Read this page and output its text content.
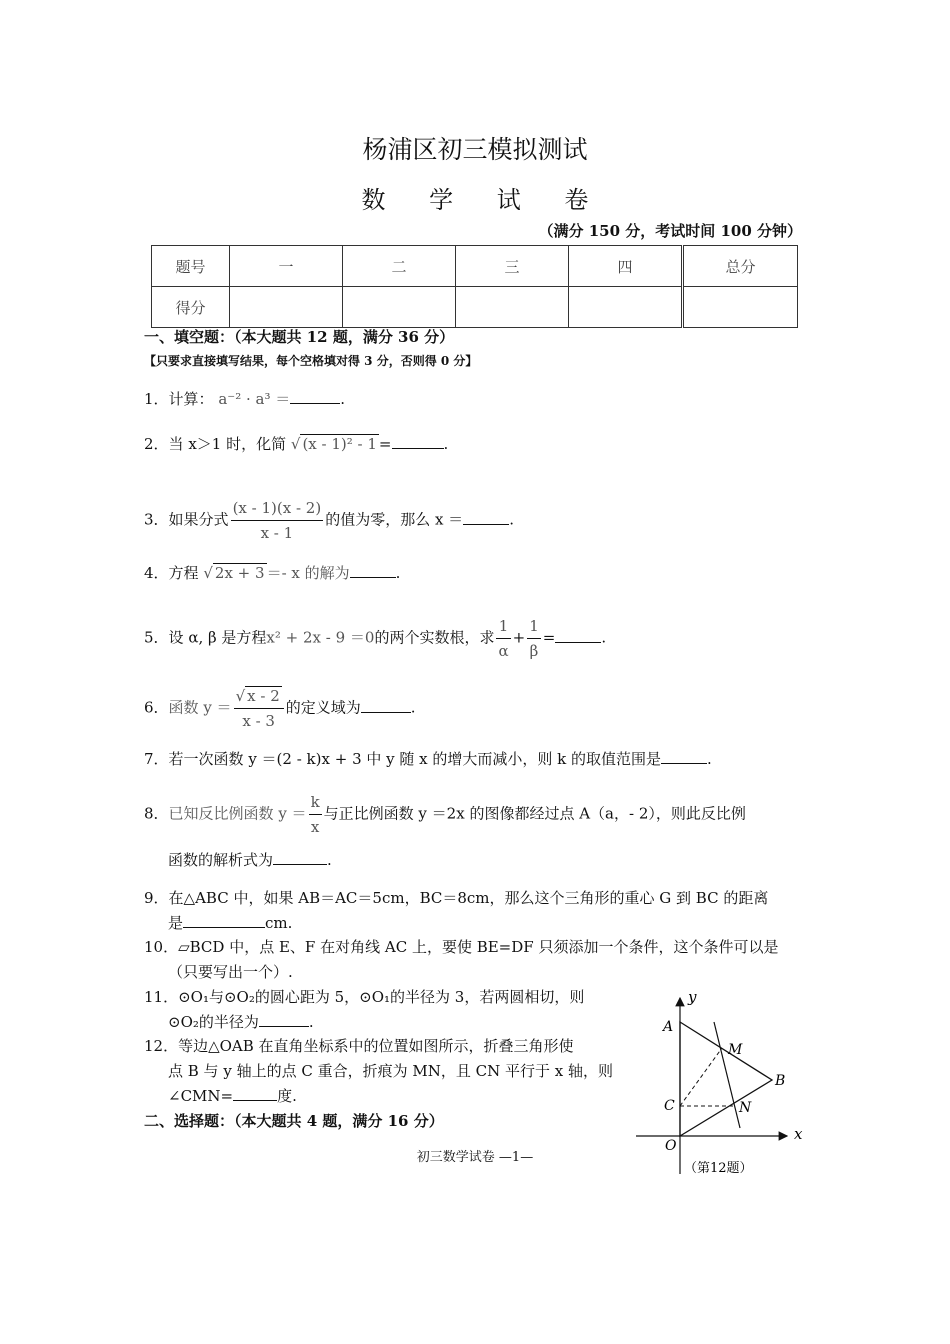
杨浦区初三模拟测试
数 学 试 卷
（满分 150 分，考试时间 100 分钟）
题号	一	二	三	四	总分
得分					
一、填空题：（本大题共 12 题，满分 36 分）
【只要求直接填写结果，每个空格填对得 3 分，否则得 0 分】
1．计算： a⁻² · a³ ＝	.
2．当 x＞1 时，化简 √ (x - 1)² - 1 =	.
3．如果分式 $\frac{(x - 1)(x - 2)}{x - 1}$ 的值为零，那么 x ＝	.
4．方程 √ 2x + 3 ＝- x 的解为	.
5．设 α, β 是方程x² + 2x - 9 ＝0的两个实数根，求 $\frac{1}{\alpha} + \frac{1}{\beta}$ =	.
6．函数 $y = \frac{√ x - 2}{x - 3}$ 的定义域为	.
7．若一次函数 y ＝(2 - k)x + 3 中 y 随 x 的增大而减小，则 k 的取值范围是	.
8．已知反比例函数 $y = \frac{k}{x}$ 与正比例函数 y ＝2x 的图像都经过点 A（a，- 2），则此反比例
函数的解析式为	.
9．在△ABC 中，如果 AB＝AC＝5cm，BC＝8cm，那么这个三角形的重心 G 到 BC 的距离
是	cm.
10．▱BCD 中，点 E、F 在对角线 AC 上，要使 BE=DF 只须添加一个条件，这个条件可以是
（只要写出一个）.
11．⊙O₁与⊙O₂的圆心距为 5，⊙O₁的半径为 3，若两圆相切，则
⊙O₂的半径为	.
12．等边△OAB 在直角坐标系中的位置如图所示，折叠三角形使
点 B 与 y 轴上的点 C 重合，折痕为 MN，且 CN 平行于 x 轴，则
∠CMN=	度.
二、选择题：（本大题共 4 题，满分 16 分）
y
x
A
M
B
C	N
O
（第12题）
初三数学试卷 —1—
